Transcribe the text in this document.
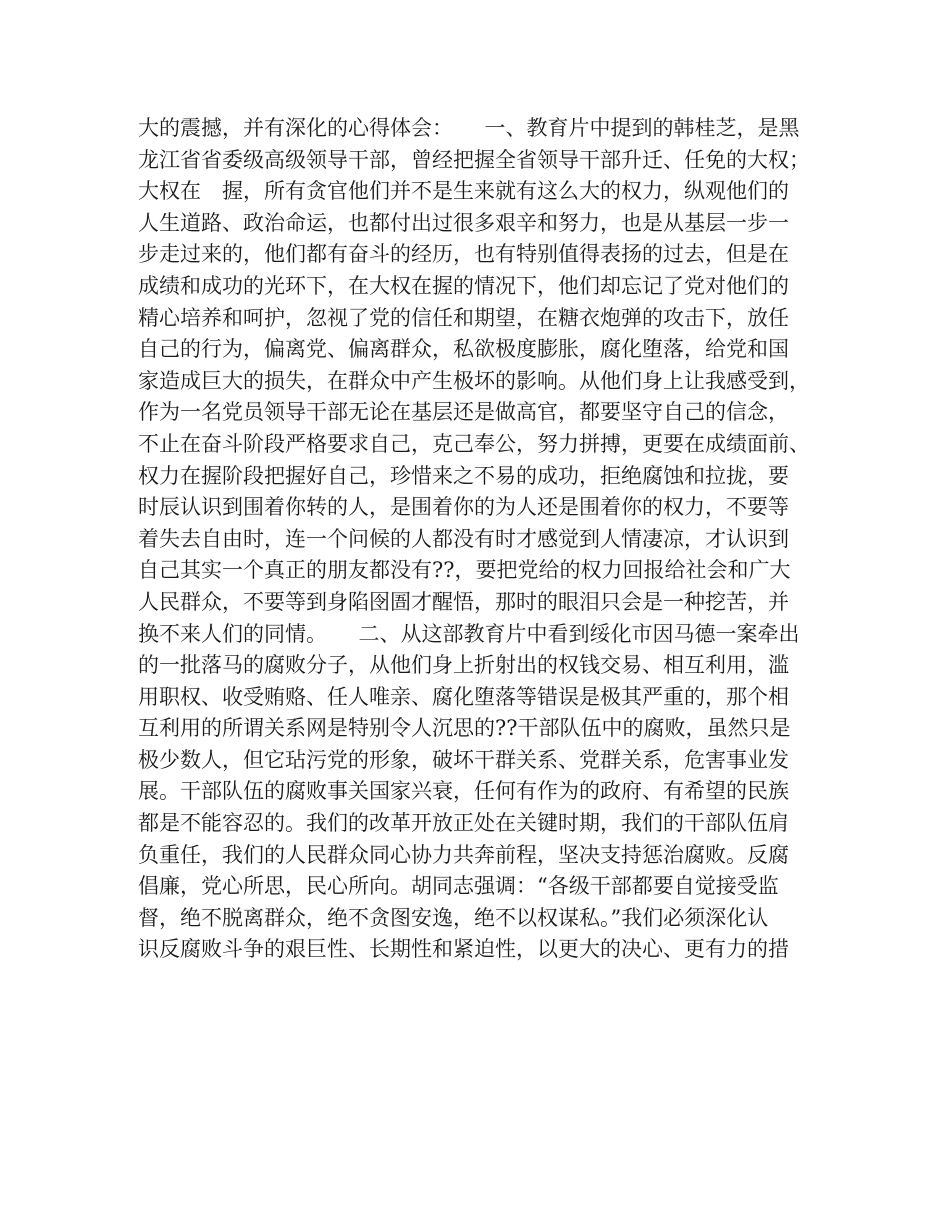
大的震撼，并有深化的心得体会：　　一、教育片中提到的韩桂芝，是黑
龙江省省委级高级领导干部，曾经把握全省领导干部升迁、任免的大权；
大权在　握，所有贪官他们并不是生来就有这么大的权力，纵观他们的
人生道路、政治命运，也都付出过很多艰辛和努力，也是从基层一步一
步走过来的，他们都有奋斗的经历，也有特别值得表扬的过去，但是在
成绩和成功的光环下，在大权在握的情况下，他们却忘记了党对他们的
精心培养和呵护，忽视了党的信任和期望，在糖衣炮弹的攻击下，放任
自己的行为，偏离党、偏离群众，私欲极度膨胀，腐化堕落，给党和国
家造成巨大的损失，在群众中产生极坏的影响。从他们身上让我感受到，
作为一名党员领导干部无论在基层还是做高官，都要坚守自己的信念，
不止在奋斗阶段严格要求自己，克己奉公，努力拼搏，更要在成绩面前、
权力在握阶段把握好自己，珍惜来之不易的成功，拒绝腐蚀和拉拢，要
时辰认识到围着你转的人，是围着你的为人还是围着你的权力，不要等
着失去自由时，连一个问候的人都没有时才感觉到人情凄凉，才认识到
自己其实一个真正的朋友都没有??，要把党给的权力回报给社会和广大
人民群众，不要等到身陷囹圄才醒悟，那时的眼泪只会是一种挖苦，并
换不来人们的同情。　　二、从这部教育片中看到绥化市因马德一案牵出
的一批落马的腐败分子，从他们身上折射出的权钱交易、相互利用，滥
用职权、收受贿赂、任人唯亲、腐化堕落等错误是极其严重的，那个相
互利用的所谓关系网是特别令人沉思的??干部队伍中的腐败，虽然只是
极少数人，但它玷污党的形象，破坏干群关系、党群关系，危害事业发
展。干部队伍的腐败事关国家兴衰，任何有作为的政府、有希望的民族
都是不能容忍的。我们的改革开放正处在关键时期，我们的干部队伍肩
负重任，我们的人民群众同心协力共奔前程，坚决支持惩治腐败。反腐
倡廉，党心所思，民心所向。胡同志强调：“各级干部都要自觉接受监
督，绝不脱离群众，绝不贪图安逸，绝不以权谋私。”我们必须深化认
识反腐败斗争的艰巨性、长期性和紧迫性，以更大的决心、更有力的措
